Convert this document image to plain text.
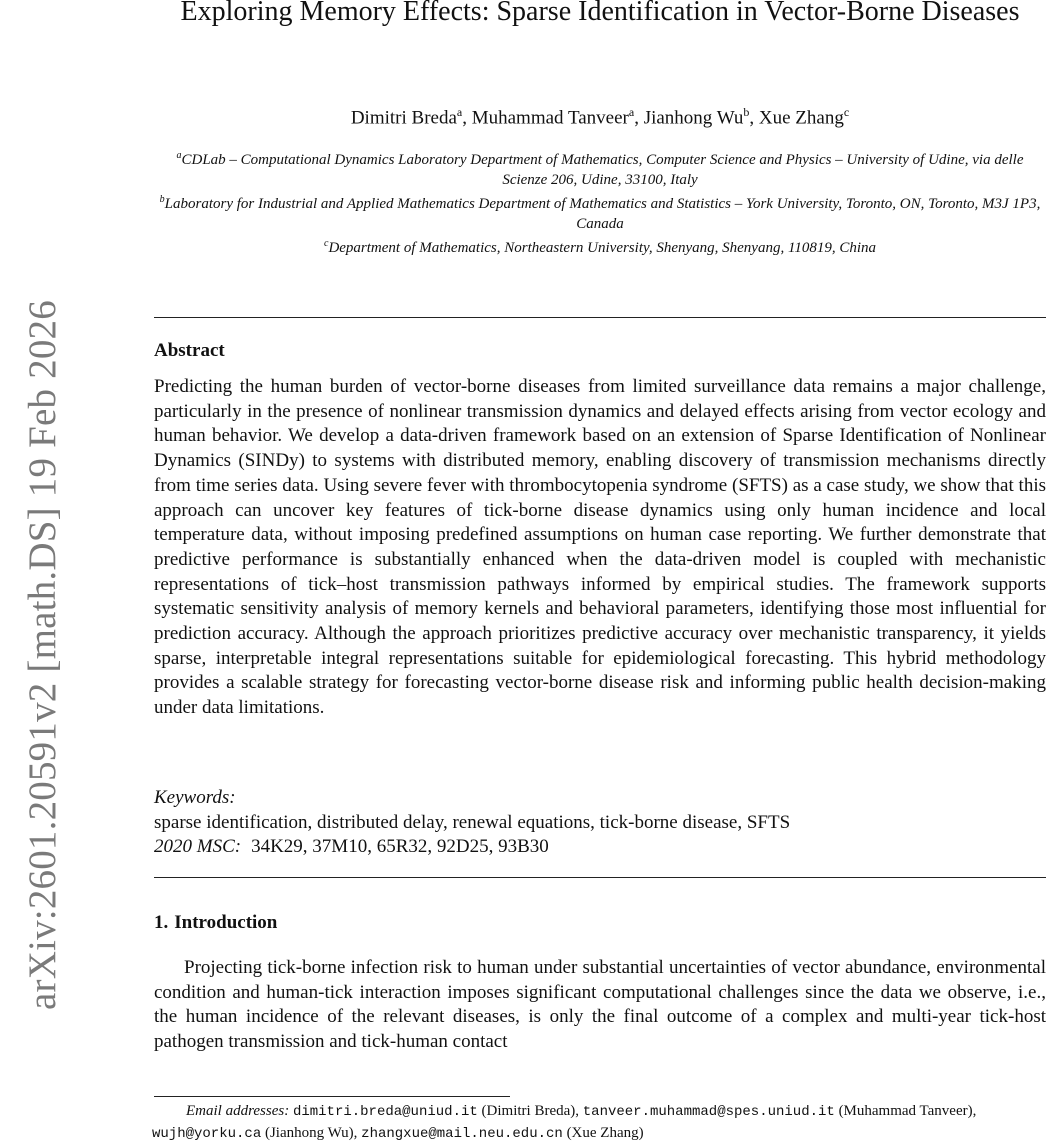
arXiv:2601.20591v2 [math.DS] 19 Feb 2026
Exploring Memory Effects: Sparse Identification in Vector-Borne Diseases
Dimitri Breda$^a$, Muhammad Tanveer$^a$, Jianhong Wu$^b$, Xue Zhang$^c$
$^a$CDLab – Computational Dynamics Laboratory Department of Mathematics, Computer Science and Physics – University of Udine, via delle Scienze 206, Udine, 33100, Italy
$^b$Laboratory for Industrial and Applied Mathematics Department of Mathematics and Statistics – York University, Toronto, ON, Toronto, M3J 1P3, Canada
$^c$Department of Mathematics, Northeastern University, Shenyang, Shenyang, 110819, China
Abstract
Predicting the human burden of vector-borne diseases from limited surveillance data remains a major challenge, particularly in the presence of nonlinear transmission dynamics and delayed effects arising from vector ecology and human behavior. We develop a data-driven framework based on an extension of Sparse Identification of Nonlinear Dynamics (SINDy) to systems with distributed memory, enabling discovery of transmission mechanisms directly from time series data. Using severe fever with thrombocytopenia syndrome (SFTS) as a case study, we show that this approach can uncover key features of tick-borne disease dynamics using only human incidence and local temperature data, without imposing predefined assumptions on human case reporting. We further demonstrate that predictive performance is substantially enhanced when the data-driven model is coupled with mechanistic representations of tick–host transmission pathways informed by empirical studies. The framework supports systematic sensitivity analysis of memory kernels and behavioral parameters, identifying those most influential for prediction accuracy. Although the approach prioritizes predictive accuracy over mechanistic transparency, it yields sparse, interpretable integral representations suitable for epidemiological forecasting. This hybrid methodology provides a scalable strategy for forecasting vector-borne disease risk and informing public health decision-making under data limitations.
Keywords:
sparse identification, distributed delay, renewal equations, tick-borne disease, SFTS
2020 MSC: 34K29, 37M10, 65R32, 92D25, 93B30
1. Introduction
Projecting tick-borne infection risk to human under substantial uncertainties of vector abundance, environmental condition and human-tick interaction imposes significant computational challenges since the data we observe, i.e., the human incidence of the relevant diseases, is only the final outcome of a complex and multi-year tick-host pathogen transmission and tick-human contact
Email addresses: dimitri.breda@uniud.it (Dimitri Breda), tanveer.muhammad@spes.uniud.it (Muhammad Tanveer), wujh@yorku.ca (Jianhong Wu), zhangxue@mail.neu.edu.cn (Xue Zhang)
